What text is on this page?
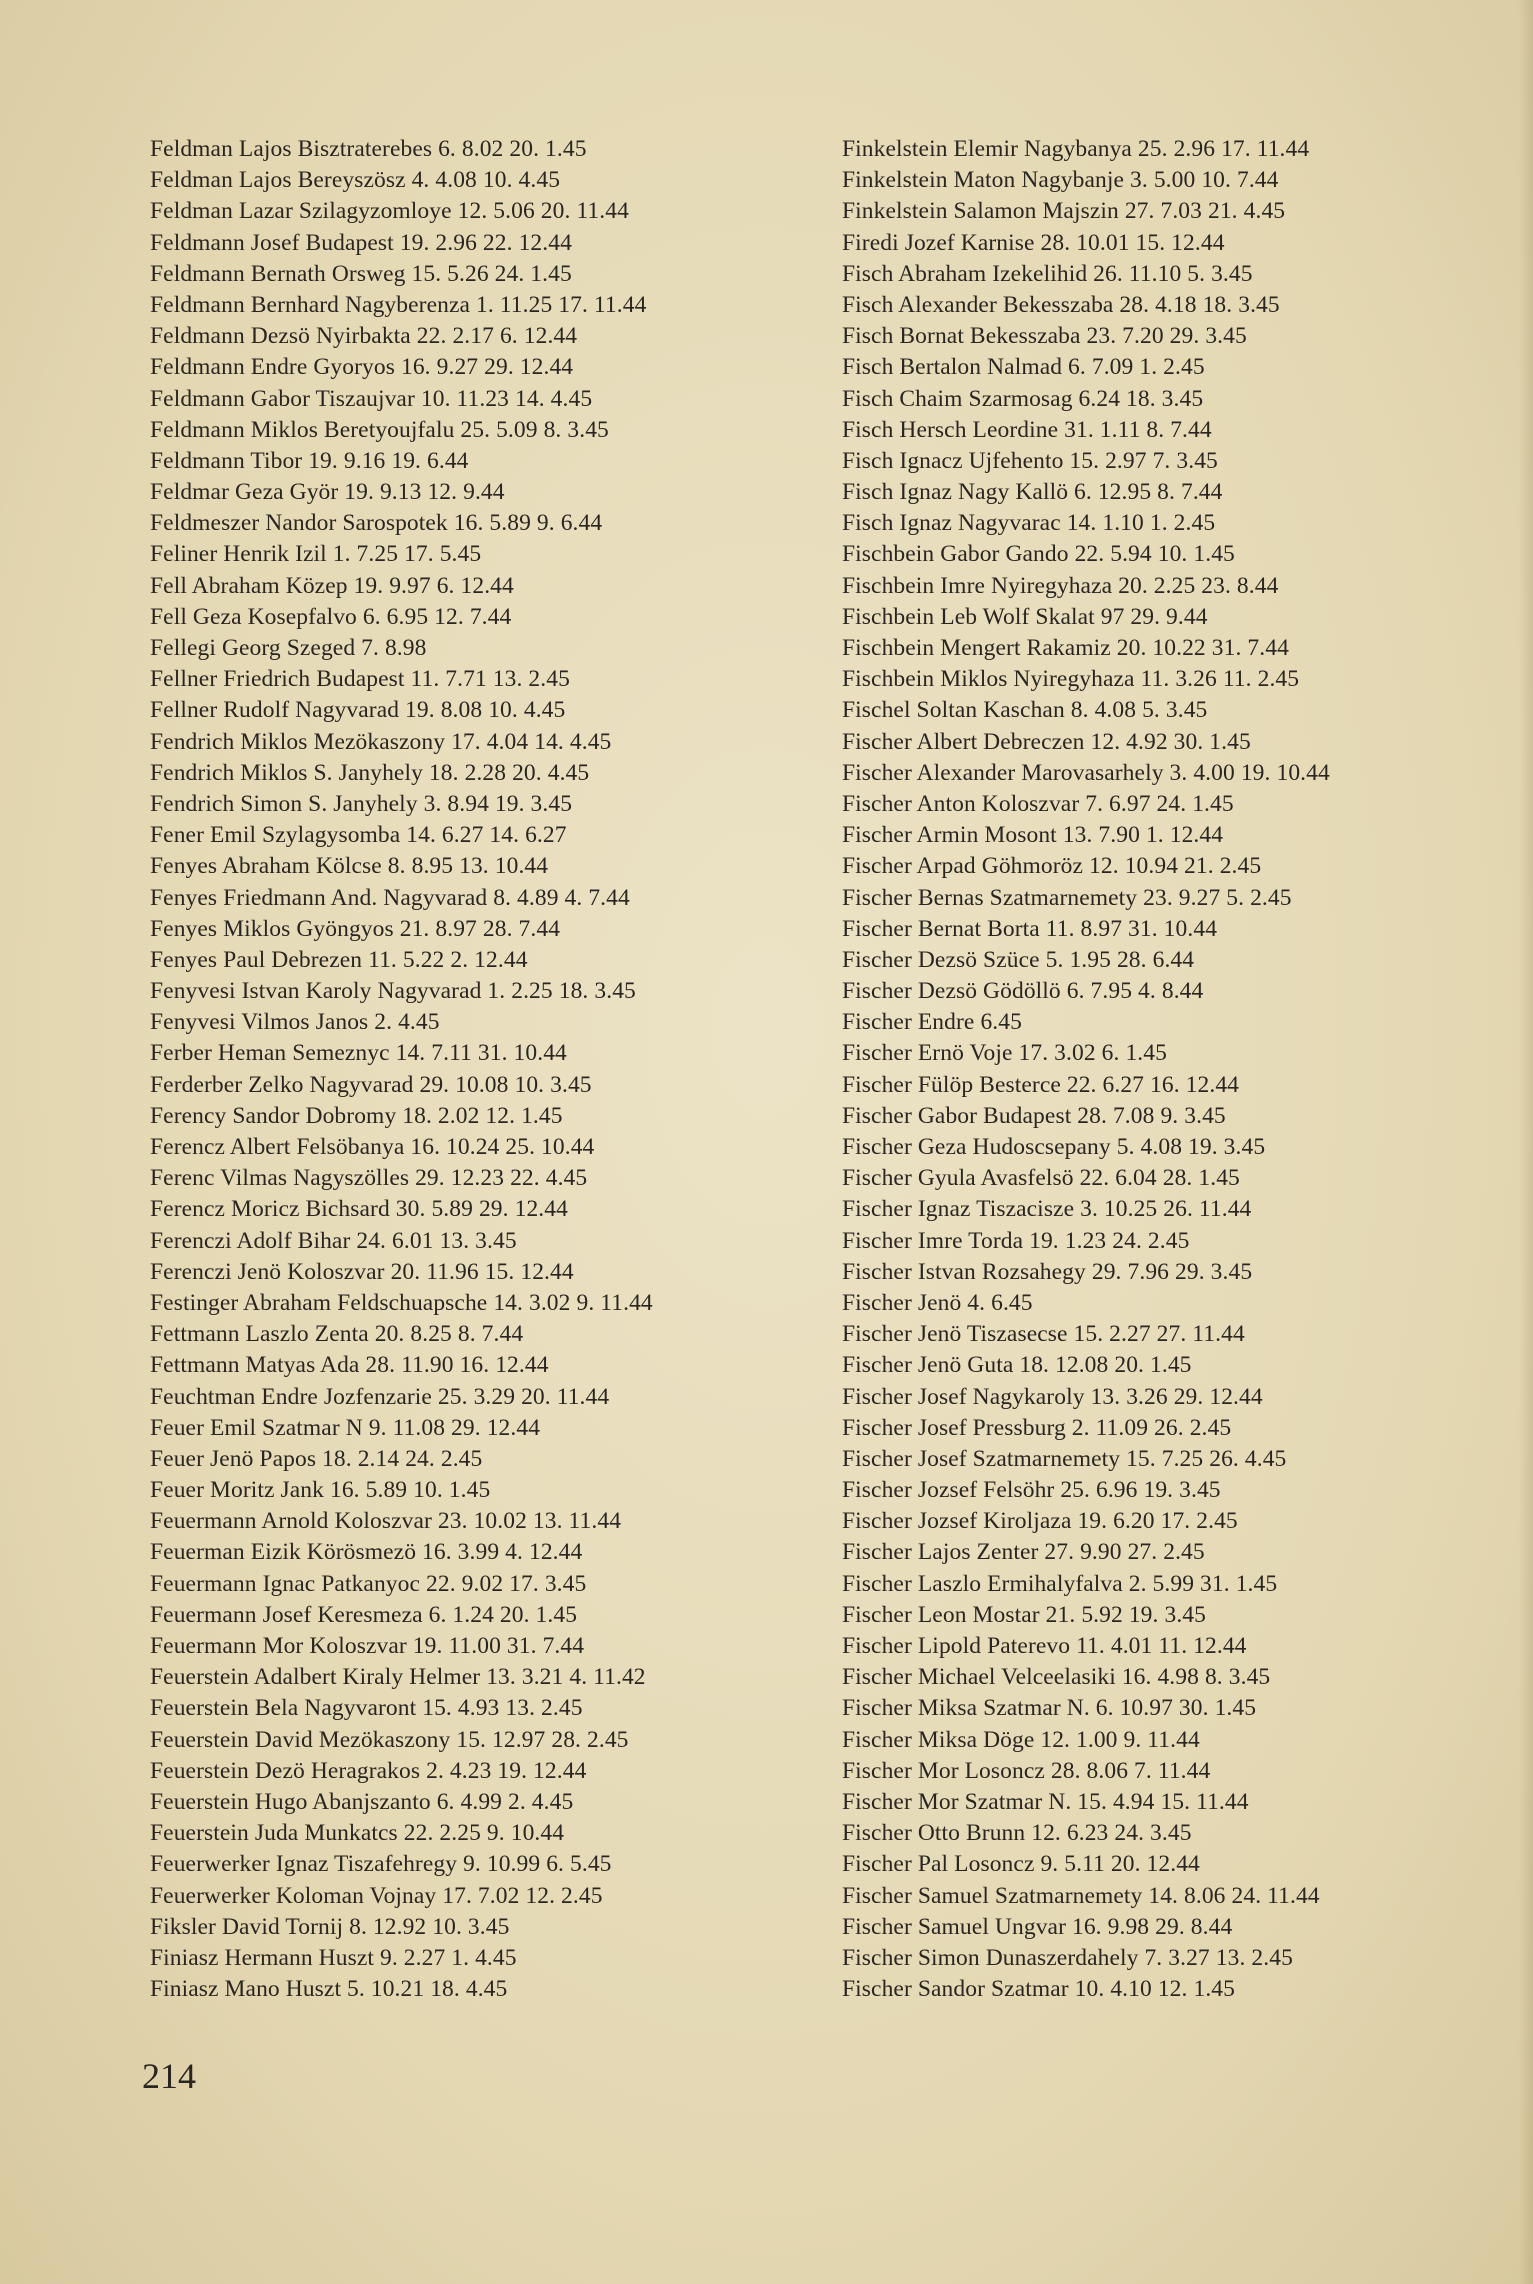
Feldman Lajos Bisztraterebes 6. 8.02 20. 1.45
Feldman Lajos Bereyszösz 4. 4.08 10. 4.45
Feldman Lazar Szilagyzomloye 12. 5.06 20. 11.44
Feldmann Josef Budapest 19. 2.96 22. 12.44
Feldmann Bernath Orsweg 15. 5.26 24. 1.45
Feldmann Bernhard Nagyberenza 1. 11.25 17. 11.44
Feldmann Dezsö Nyirbakta 22. 2.17 6. 12.44
Feldmann Endre Gyoryos 16. 9.27 29. 12.44
Feldmann Gabor Tiszaujvar 10. 11.23 14. 4.45
Feldmann Miklos Beretyoujfalu 25. 5.09 8. 3.45
Feldmann Tibor 19. 9.16 19. 6.44
Feldmar Geza Györ 19. 9.13 12. 9.44
Feldmeszer Nandor Sarospotek 16. 5.89 9. 6.44
Feliner Henrik Izil 1. 7.25 17. 5.45
Fell Abraham Közep 19. 9.97 6. 12.44
Fell Geza Kosepfalvo 6. 6.95 12. 7.44
Fellegi Georg Szeged 7. 8.98
Fellner Friedrich Budapest 11. 7.71 13. 2.45
Fellner Rudolf Nagyvarad 19. 8.08 10. 4.45
Fendrich Miklos Mezökaszony 17. 4.04 14. 4.45
Fendrich Miklos S. Janyhely 18. 2.28 20. 4.45
Fendrich Simon S. Janyhely 3. 8.94 19. 3.45
Fener Emil Szylagysomba 14. 6.27 14. 6.27
Fenyes Abraham Kölcse 8. 8.95 13. 10.44
Fenyes Friedmann And. Nagyvarad 8. 4.89 4. 7.44
Fenyes Miklos Gyöngyos 21. 8.97 28. 7.44
Fenyes Paul Debrezen 11. 5.22 2. 12.44
Fenyvesi Istvan Karoly Nagyvarad 1. 2.25 18. 3.45
Fenyvesi Vilmos Janos 2. 4.45
Ferber Heman Semeznyc 14. 7.11 31. 10.44
Ferderber Zelko Nagyvarad 29. 10.08 10. 3.45
Ferency Sandor Dobromy 18. 2.02 12. 1.45
Ferencz Albert Felsöbanya 16. 10.24 25. 10.44
Ferenc Vilmas Nagyszölles 29. 12.23 22. 4.45
Ferencz Moricz Bichsard 30. 5.89 29. 12.44
Ferenczi Adolf Bihar 24. 6.01 13. 3.45
Ferenczi Jenö Koloszvar 20. 11.96 15. 12.44
Festinger Abraham Feldschuapsche 14. 3.02 9. 11.44
Fettmann Laszlo Zenta 20. 8.25 8. 7.44
Fettmann Matyas Ada 28. 11.90 16. 12.44
Feuchtman Endre Jozfenzarie 25. 3.29 20. 11.44
Feuer Emil Szatmar N 9. 11.08 29. 12.44
Feuer Jenö Papos 18. 2.14 24. 2.45
Feuer Moritz Jank 16. 5.89 10. 1.45
Feuermann Arnold Koloszvar 23. 10.02 13. 11.44
Feuerman Eizik Körösmezö 16. 3.99 4. 12.44
Feuermann Ignac Patkanyoc 22. 9.02 17. 3.45
Feuermann Josef Keresmeza 6. 1.24 20. 1.45
Feuermann Mor Koloszvar 19. 11.00 31. 7.44
Feuerstein Adalbert Kiraly Helmer 13. 3.21 4. 11.42
Feuerstein Bela Nagyvaront 15. 4.93 13. 2.45
Feuerstein David Mezökaszony 15. 12.97 28. 2.45
Feuerstein Dezö Heragrakos 2. 4.23 19. 12.44
Feuerstein Hugo Abanjszanto 6. 4.99 2. 4.45
Feuerstein Juda Munkatcs 22. 2.25 9. 10.44
Feuerwerker Ignaz Tiszafehregy 9. 10.99 6. 5.45
Feuerwerker Koloman Vojnay 17. 7.02 12. 2.45
Fiksler David Tornij 8. 12.92 10. 3.45
Finiasz Hermann Huszt 9. 2.27 1. 4.45
Finiasz Mano Huszt 5. 10.21 18. 4.45
Finkelstein Elemir Nagybanya 25. 2.96 17. 11.44
Finkelstein Maton Nagybanje 3. 5.00 10. 7.44
Finkelstein Salamon Majszin 27. 7.03 21. 4.45
Firedi Jozef Karnise 28. 10.01 15. 12.44
Fisch Abraham Izekelihid 26. 11.10 5. 3.45
Fisch Alexander Bekesszaba 28. 4.18 18. 3.45
Fisch Bornat Bekesszaba 23. 7.20 29. 3.45
Fisch Bertalon Nalmad 6. 7.09 1. 2.45
Fisch Chaim Szarmosag 6.24 18. 3.45
Fisch Hersch Leordine 31. 1.11 8. 7.44
Fisch Ignacz Ujfehento 15. 2.97 7. 3.45
Fisch Ignaz Nagy Kallö 6. 12.95 8. 7.44
Fisch Ignaz Nagyvarac 14. 1.10 1. 2.45
Fischbein Gabor Gando 22. 5.94 10. 1.45
Fischbein Imre Nyiregyhaza 20. 2.25 23. 8.44
Fischbein Leb Wolf Skalat 97 29. 9.44
Fischbein Mengert Rakamiz 20. 10.22 31. 7.44
Fischbein Miklos Nyiregyhaza 11. 3.26 11. 2.45
Fischel Soltan Kaschan 8. 4.08 5. 3.45
Fischer Albert Debreczen 12. 4.92 30. 1.45
Fischer Alexander Marovasarhely 3. 4.00 19. 10.44
Fischer Anton Koloszvar 7. 6.97 24. 1.45
Fischer Armin Mosont 13. 7.90 1. 12.44
Fischer Arpad Göhmoröz 12. 10.94 21. 2.45
Fischer Bernas Szatmarnemety 23. 9.27 5. 2.45
Fischer Bernat Borta 11. 8.97 31. 10.44
Fischer Dezsö Szüce 5. 1.95 28. 6.44
Fischer Dezsö Gödöllö 6. 7.95 4. 8.44
Fischer Endre 6.45
Fischer Ernö Voje 17. 3.02 6. 1.45
Fischer Fülöp Besterce 22. 6.27 16. 12.44
Fischer Gabor Budapest 28. 7.08 9. 3.45
Fischer Geza Hudoscsepany 5. 4.08 19. 3.45
Fischer Gyula Avasfelsö 22. 6.04 28. 1.45
Fischer Ignaz Tiszacisze 3. 10.25 26. 11.44
Fischer Imre Torda 19. 1.23 24. 2.45
Fischer Istvan Rozsahegy 29. 7.96 29. 3.45
Fischer Jenö 4. 6.45
Fischer Jenö Tiszasecse 15. 2.27 27. 11.44
Fischer Jenö Guta 18. 12.08 20. 1.45
Fischer Josef Nagykaroly 13. 3.26 29. 12.44
Fischer Josef Pressburg 2. 11.09 26. 2.45
Fischer Josef Szatmarnemety 15. 7.25 26. 4.45
Fischer Jozsef Felsöhr 25. 6.96 19. 3.45
Fischer Jozsef Kiroljaza 19. 6.20 17. 2.45
Fischer Lajos Zenter 27. 9.90 27. 2.45
Fischer Laszlo Ermihalyfalva 2. 5.99 31. 1.45
Fischer Leon Mostar 21. 5.92 19. 3.45
Fischer Lipold Paterevo 11. 4.01 11. 12.44
Fischer Michael Velceelasiki 16. 4.98 8. 3.45
Fischer Miksa Szatmar N. 6. 10.97 30. 1.45
Fischer Miksa Döge 12. 1.00 9. 11.44
Fischer Mor Losoncz 28. 8.06 7. 11.44
Fischer Mor Szatmar N. 15. 4.94 15. 11.44
Fischer Otto Brunn 12. 6.23 24. 3.45
Fischer Pal Losoncz 9. 5.11 20. 12.44
Fischer Samuel Szatmarnemety 14. 8.06 24. 11.44
Fischer Samuel Ungvar 16. 9.98 29. 8.44
Fischer Simon Dunaszerdahely 7. 3.27 13. 2.45
Fischer Sandor Szatmar 10. 4.10 12. 1.45
214
